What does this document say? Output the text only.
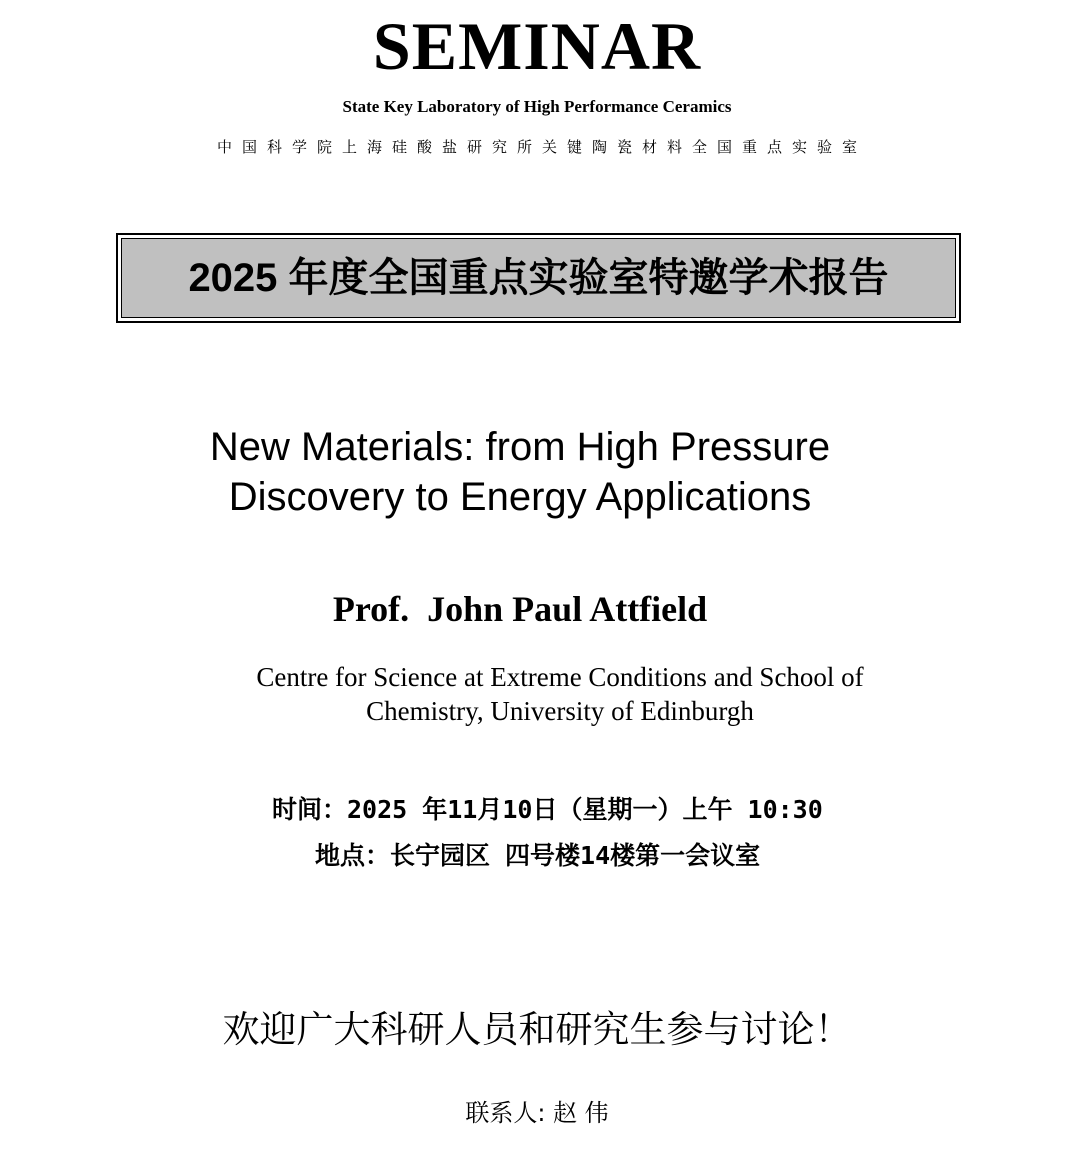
SEMINAR
State Key Laboratory of High Performance Ceramics
中国科学院上海硅酸盐研究所关键陶瓷材料全国重点实验室
2025 年度全国重点实验室特邀学术报告
New Materials: from High Pressure
Discovery to Energy Applications
Prof.  John Paul Attfield
Centre for Science at Extreme Conditions and School of
Chemistry, University of Edinburgh
时间：2025 年11月10日（星期一）上午 10:30
地点：长宁园区 四号楼14楼第一会议室
欢迎广大科研人员和研究生参与讨论！
联系人: 赵 伟
